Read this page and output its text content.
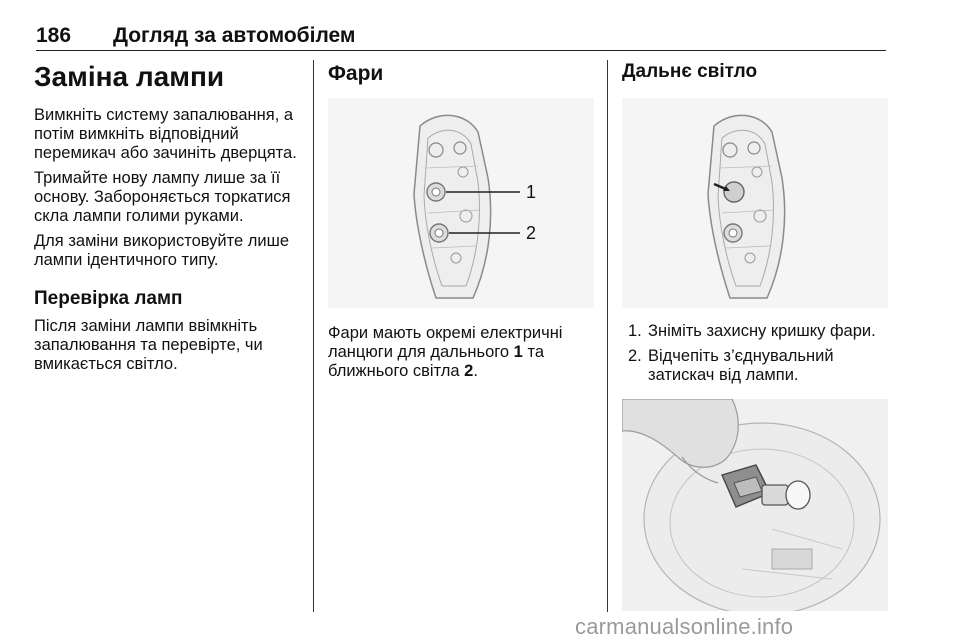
186 Догляд за автомобілем
Заміна лампи

Вимкніть систему запалювання, а потім вимкніть відповідний перемикач або зачиніть дверцята.

Тримайте нову лампу лише за її основу. Забороняється торкатися скла лампи голими руками.

Для заміни використовуйте лише лампи ідентичного типу.

Перевірка ламп

Після заміни лампи ввімкніть запалювання та перевірте, чи вмикається світло.

Фари
1
2

Фари мають окремі електричні ланцюги для дальнього 1 та ближнього світла 2.

Дальнє світло
1. Зніміть захисну кришку фари.
2. Відчепіть з’єднувальний затискач від лампи.
carmanualsonline.info
